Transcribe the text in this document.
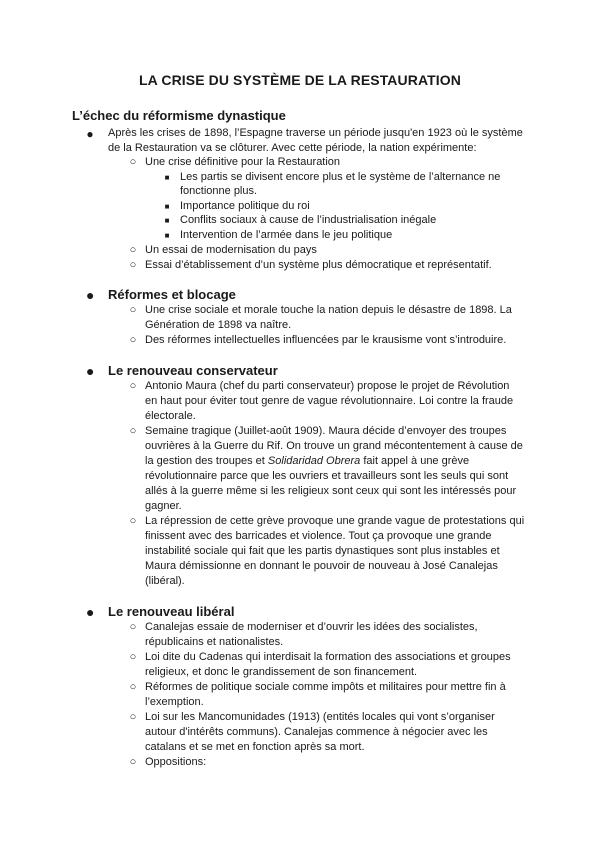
LA CRISE DU SYSTÈME DE LA RESTAURATION
L’échec du réformisme dynastique
● Après les crises de 1898, l’Espagne traverse un période jusqu'en 1923 où le système
de la Restauration va se clôturer. Avec cette période, la nation expérimente:
○ Une crise définitive pour la Restauration
■ Les partis se divisent encore plus et le système de l’alternance ne
fonctionne plus.
■ Importance politique du roi
■ Conflits sociaux à cause de l’industrialisation inégale
■ Intervention de l’armée dans le jeu politique
○ Un essai de modernisation du pays
○ Essai d’établissement d’un système plus démocratique et représentatif.
● Réformes et blocage
○ Une crise sociale et morale touche la nation depuis le désastre de 1898. La
Génération de 1898 va naître.
○ Des réformes intellectuelles influencées par le krausisme vont s’introduire.
● Le renouveau conservateur
○ Antonio Maura (chef du parti conservateur) propose le projet de Révolution
en haut pour éviter tout genre de vague révolutionnaire. Loi contre la fraude
électorale.
○ Semaine tragique (Juillet-août 1909). Maura décide d’envoyer des troupes
ouvrières à la Guerre du Rif. On trouve un grand mécontentement à cause de
la gestion des troupes et Solidaridad Obrera fait appel à une grève
révolutionnaire parce que les ouvriers et travailleurs sont les seuls qui sont
allés à la guerre même si les religieux sont ceux qui sont les intéressés pour
gagner.
○ La répression de cette grève provoque une grande vague de protestations qui
finissent avec des barricades et violence. Tout ça provoque une grande
instabilité sociale qui fait que les partis dynastiques sont plus instables et
Maura démissionne en donnant le pouvoir de nouveau à José Canalejas
(libéral).
● Le renouveau libéral
○ Canalejas essaie de moderniser et d’ouvrir les idées des socialistes,
républicains et nationalistes.
○ Loi dite du Cadenas qui interdisait la formation des associations et groupes
religieux, et donc le grandissement de son financement.
○ Réformes de politique sociale comme impôts et militaires pour mettre fin à
l’exemption.
○ Loi sur les Mancomunidades (1913) (entités locales qui vont s’organiser
autour d'intérêts communs). Canalejas commence à négocier avec les
catalans et se met en fonction après sa mort.
○ Oppositions:
